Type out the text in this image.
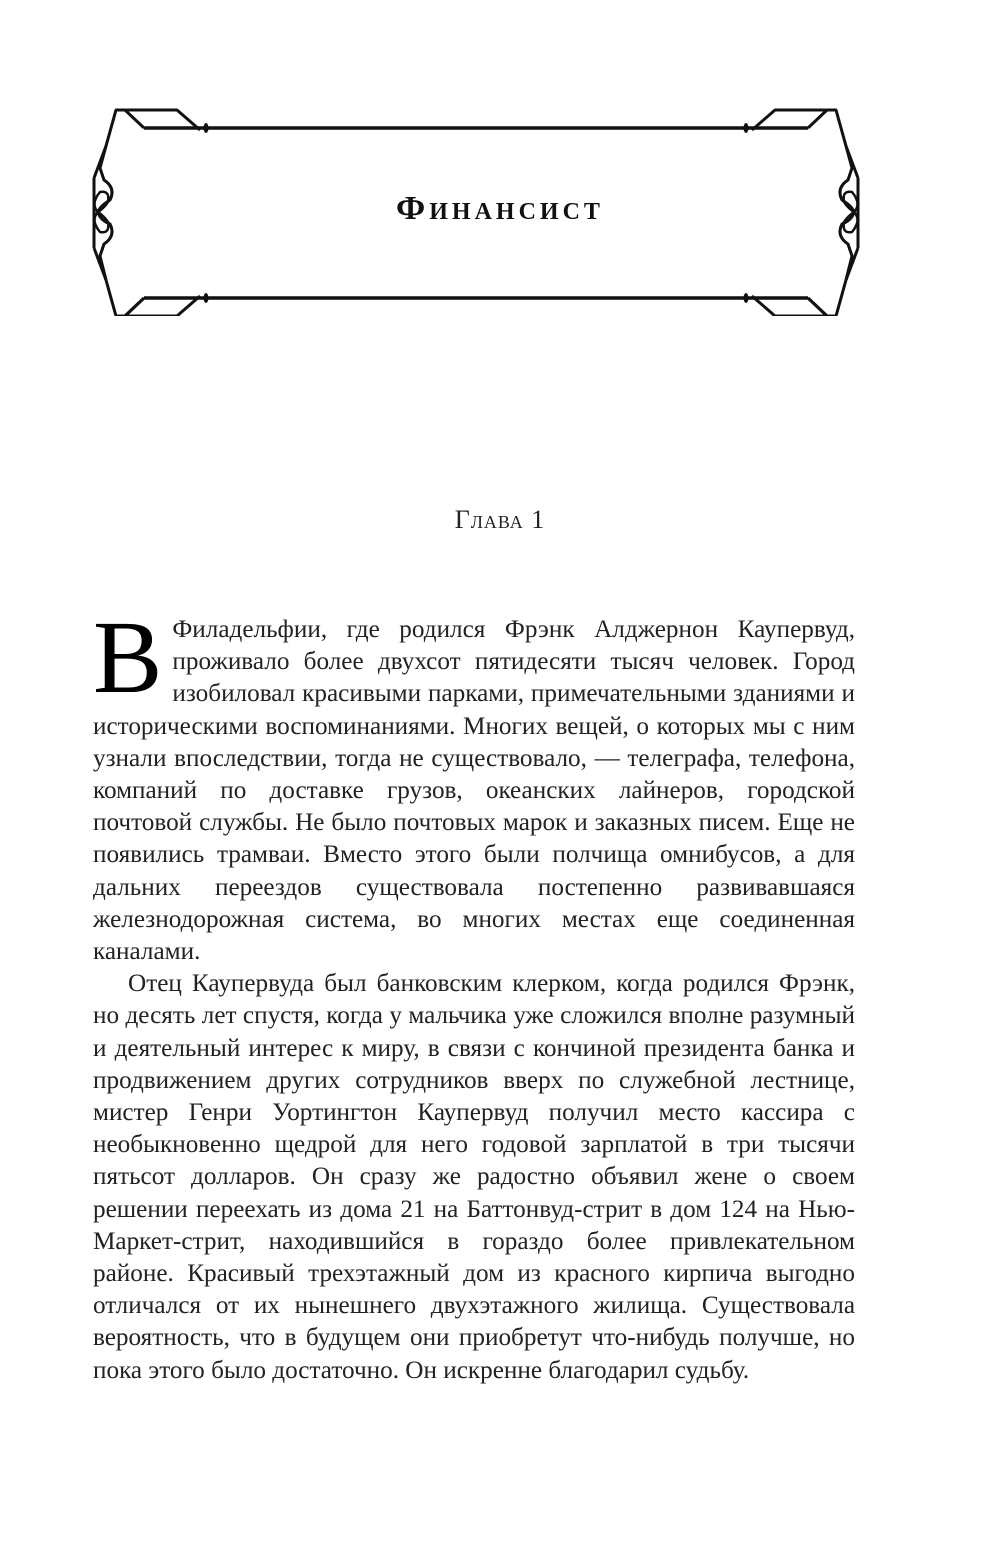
Финансист
Глава 1

В Филадельфии, где родился Фрэнк Алджернон Каупервуд, проживало более двухсот пятидесяти тысяч человек. Город изобиловал красивыми парками, примечательными зданиями и историческими воспоминаниями. Многих вещей, о которых мы с ним узнали впоследствии, тогда не существовало, — телеграфа, телефона, компаний по доставке грузов, океанских лайнеров, городской почтовой службы. Не было почтовых марок и заказных писем. Еще не появились трамваи. Вместо этого были полчища омнибусов, а для дальних переездов существовала постепенно развивавшаяся железнодорожная система, во многих местах еще соединенная каналами.

Отец Каупервуда был банковским клерком, когда родился Фрэнк, но десять лет спустя, когда у мальчика уже сложился вполне разумный и деятельный интерес к миру, в связи с кончиной президента банка и продвижением других сотрудников вверх по служебной лестнице, мистер Генри Уортингтон Каупервуд получил место кассира с необыкновенно щедрой для него годовой зарплатой в три тысячи пятьсот долларов. Он сразу же радостно объявил жене о своем решении переехать из дома 21 на Баттонвуд-стрит в дом 124 на Нью-Маркет-стрит, находившийся в гораздо более привлекательном районе. Красивый трехэтажный дом из красного кирпича выгодно отличался от их нынешнего двухэтажного жилища. Существовала вероятность, что в будущем они приобретут что-нибудь получше, но пока этого было достаточно. Он искренне благодарил судьбу.
